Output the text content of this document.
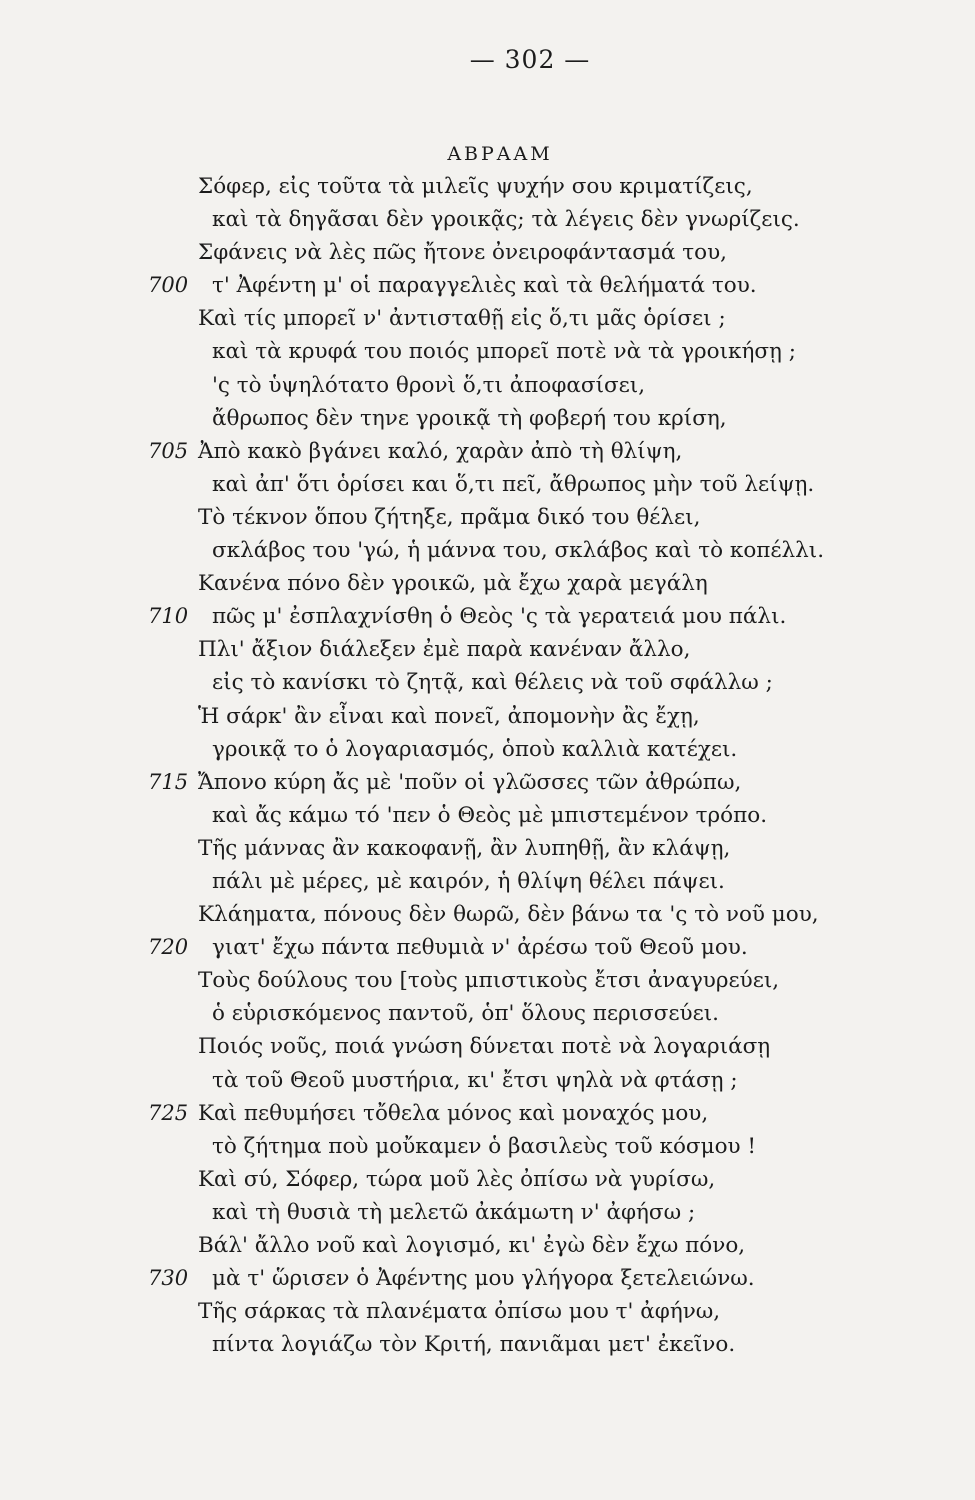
— 302 —
ΑΒΡΑΑΜ
Σόφερ, εἰς τοῦτα τὰ μιλεῖς ψυχήν σου κριματίζεις,
καὶ τὰ δηγᾶσαι δὲν γροικᾷς; τὰ λέγεις δὲν γνωρίζεις.
Σφάνεις νὰ λὲς πῶς ἤτονε ὀνειροφάντασμά του,
700	τ' Ἀφέντη μ' οἱ παραγγελιὲς καὶ τὰ θελήματά του.
Καὶ τίς μπορεῖ ν' ἀντισταθῇ εἰς ὅ,τι μᾶς ὁρίσει ;
καὶ τὰ κρυφά του ποιός μπορεῖ ποτὲ νὰ τὰ γροικήσῃ ;
'ς τὸ ὑψηλότατο θρονὶ ὅ,τι ἀποφασίσει,
ἄθρωπος δὲν τηνε γροικᾷ τὴ φοβερή του κρίση,
705 Ἀπὸ κακὸ βγάνει καλό, χαρὰν ἀπὸ τὴ θλίψη,
καὶ ἀπ' ὅτι ὁρίσει και ὅ,τι πεῖ, ἄθρωπος μὴν τοῦ λείψῃ.
Τὸ τέκνον ὅπου ζήτηξε, πρᾶμα δικό του θέλει,
σκλάβος του 'γώ, ἡ μάννα του, σκλάβος καὶ τὸ κοπέλλι.
Κανένα πόνο δὲν γροικῶ, μὰ ἔχω χαρὰ μεγάλη
710	πῶς μ' ἐσπλαχνίσθη ὁ Θεὸς 'ς τὰ γερατειά μου πάλι.
Πλι' ἄξιον διάλεξεν ἐμὲ παρὰ κανέναν ἄλλο,
εἰς τὸ κανίσκι τὸ ζητᾷ, καὶ θέλεις νὰ τοῦ σφάλλω ;
Ἡ σάρκ' ἂν εἶναι καὶ πονεῖ, ἀπομονὴν ἂς ἔχῃ,
γροικᾷ το ὁ λογαριασμός, ὁποὺ καλλιὰ κατέχει.
715 Ἄπονο κύρη ἄς μὲ 'ποῦν οἱ γλῶσσες τῶν ἀθρώπω,
καὶ ἄς κάμω τό 'πεν ὁ Θεὸς μὲ μπιστεμένον τρόπο.
Τῆς μάννας ἂν κακοφανῇ, ἂν λυπηθῇ, ἂν κλάψῃ,
πάλι μὲ μέρες, μὲ καιρόν, ἡ θλίψη θέλει πάψει.
Κλάηματα, πόνους δὲν θωρῶ, δὲν βάνω τα 'ς τὸ νοῦ μου,
720	γιατ' ἔχω πάντα πεθυμιὰ ν' ἀρέσω τοῦ Θεοῦ μου.
Τοὺς δούλους του [τοὺς μπιστικοὺς ἔτσι ἀναγυρεύει,
ὁ εὑρισκόμενος παντοῦ, ὁπ' ὅλους περισσεύει.
Ποιός νοῦς, ποιά γνώση δύνεται ποτὲ νὰ λογαριάσῃ
τὰ τοῦ Θεοῦ μυστήρια, κι' ἔτσι ψηλὰ νὰ φτάσῃ ;
725 Καὶ πεθυμήσει τὄθελα μόνος καὶ μοναχός μου,
τὸ ζήτημα ποὺ μοὔκαμεν ὁ βασιλεὺς τοῦ κόσμου !
Καὶ σύ, Σόφερ, τώρα μοῦ λὲς ὀπίσω νὰ γυρίσω,
καὶ τὴ θυσιὰ τὴ μελετῶ ἀκάμωτη ν' ἀφήσω ;
Βάλ' ἄλλο νοῦ καὶ λογισμό, κι' ἐγὼ δὲν ἔχω πόνο,
730	μὰ τ' ὥρισεν ὁ Ἀφέντης μου γλήγορα ξετελειώνω.
Τῆς σάρκας τὰ πλανέματα ὀπίσω μου τ' ἀφήνω,
πίντα λογιάζω τὸν Κριτή, πανιᾶμαι μετ' ἐκεῖνο.
